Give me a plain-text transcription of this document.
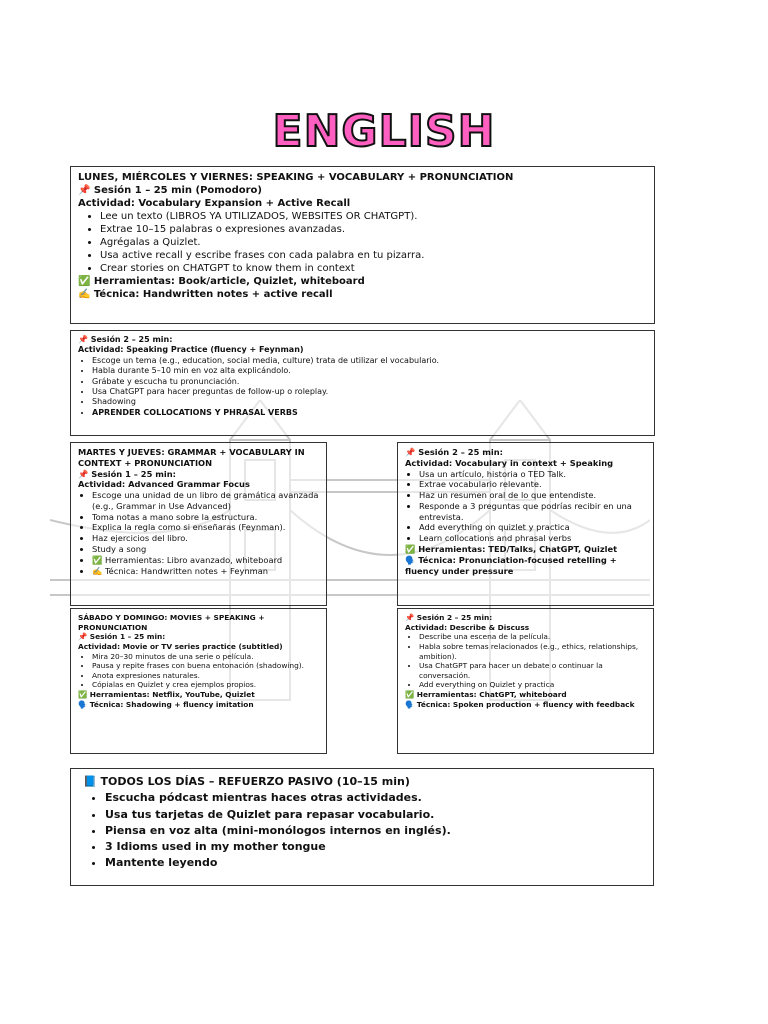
ENGLISH
LUNES, MIÉRCOLES Y VIERNES: SPEAKING + VOCABULARY + PRONUNCIATION
📌 Sesión 1 – 25 min (Pomodoro)
Actividad: Vocabulary Expansion + Active Recall
• Lee un texto (LIBROS YA UTILIZADOS, WEBSITES OR CHATGPT).
• Extrae 10–15 palabras o expresiones avanzadas.
• Agrégalas a Quizlet.
• Usa active recall y escribe frases con cada palabra en tu pizarra.
• Crear stories on CHATGPT to know them in context
✅ Herramientas: Book/article, Quizlet, whiteboard
✍️ Técnica: Handwritten notes + active recall
📌 Sesión 2 – 25 min:
Actividad: Speaking Practice (fluency + Feynman)
• Escoge un tema (e.g., education, social media, culture) trata de utilizar el vocabulario.
• Habla durante 5–10 min en voz alta explicándolo.
• Grábate y escucha tu pronunciación.
• Usa ChatGPT para hacer preguntas de follow-up o roleplay.
• Shadowing
• APRENDER COLLOCATIONS Y PHRASAL VERBS
MARTES Y JUEVES: GRAMMAR + VOCABULARY IN CONTEXT + PRONUNCIATION
📌 Sesión 1 – 25 min:
Actividad: Advanced Grammar Focus
• Escoge una unidad de un libro de gramática avanzada (e.g., Grammar in Use Advanced)
• Toma notas a mano sobre la estructura.
• Explica la regla como si enseñaras (Feynman).
• Haz ejercicios del libro.
• Study a song
• ✅ Herramientas: Libro avanzado, whiteboard
• ✍️ Técnica: Handwritten notes + Feynman
📌 Sesión 2 – 25 min:
Actividad: Vocabulary in context + Speaking
• Usa un artículo, historia o TED Talk.
• Extrae vocabulario relevante.
• Haz un resumen oral de lo que entendiste.
• Responde a 3 preguntas que podrías recibir en una entrevista.
• Add everything on quizlet y practica
• Learn collocations and phrasal verbs
✅ Herramientas: TED/Talks, ChatGPT, Quizlet
🗣️ Técnica: Pronunciation-focused retelling + fluency under pressure
SÁBADO Y DOMINGO: MOVIES + SPEAKING + PRONUNCIATION
📌 Sesión 1 – 25 min:
Actividad: Movie or TV series practice (subtitled)
• Mira 20–30 minutos de una serie o película.
• Pausa y repite frases con buena entonación (shadowing).
• Anota expresiones naturales.
• Cópialas en Quizlet y crea ejemplos propios.
✅ Herramientas: Netflix, YouTube, Quizlet
🗣️ Técnica: Shadowing + fluency imitation
📌 Sesión 2 – 25 min:
Actividad: Describe & Discuss
• Describe una escena de la película.
• Habla sobre temas relacionados (e.g., ethics, relationships, ambition).
• Usa ChatGPT para hacer un debate o continuar la conversación.
• Add everything on Quizlet y practica
✅ Herramientas: ChatGPT, whiteboard
🗣️ Técnica: Spoken production + fluency with feedback
📘 TODOS LOS DÍAS – REFUERZO PASIVO (10–15 min)
• Escucha pódcast mientras haces otras actividades.
• Usa tus tarjetas de Quizlet para repasar vocabulario.
• Piensa en voz alta (mini-monólogos internos en inglés).
• 3 Idioms used in my mother tongue
• Mantente leyendo
